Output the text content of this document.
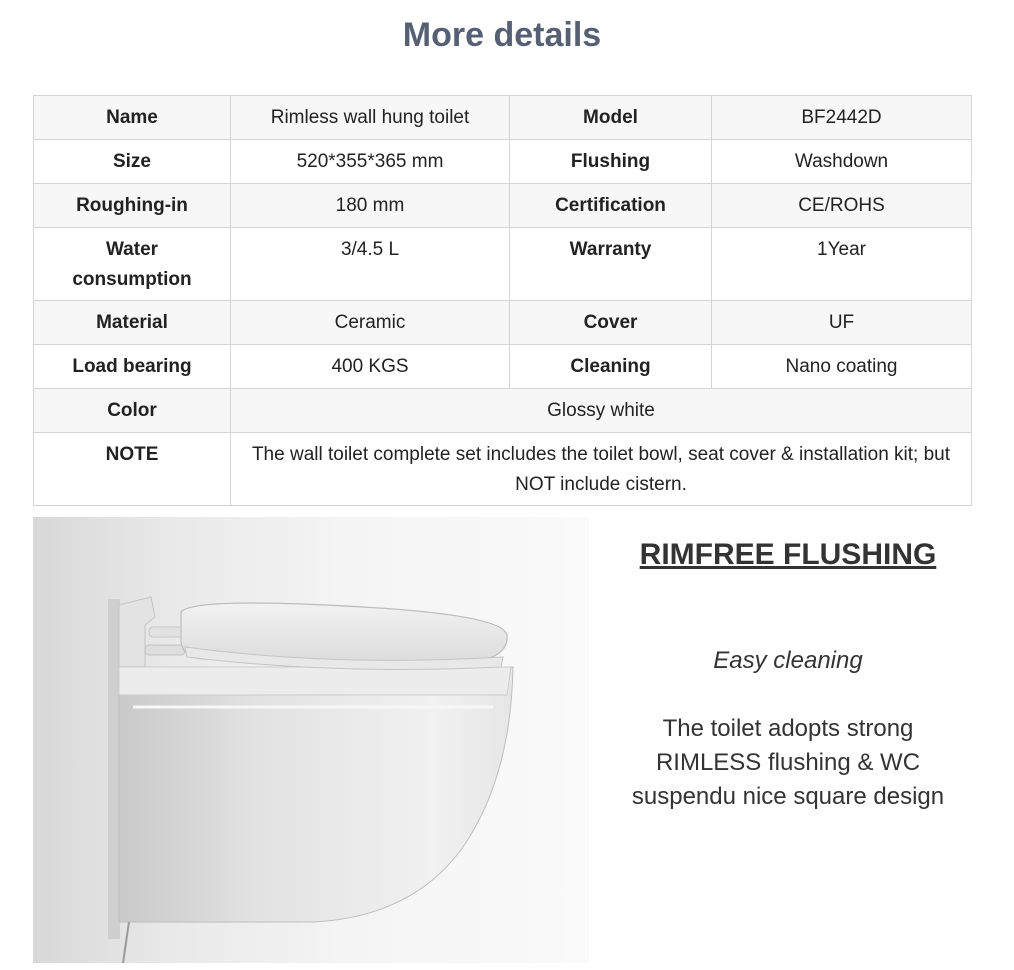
More details
Name	Rimless wall hung toilet	Model	BF2442D
Size	520*355*365 mm	Flushing	Washdown
Roughing-in	180 mm	Certification	CE/ROHS
Water consumption	3/4.5 L	Warranty	1Year
Material	Ceramic	Cover	UF
Load bearing	400 KGS	Cleaning	Nano coating
Color	Glossy white		
NOTE	The wall toilet complete set includes the toilet bowl, seat cover & installation kit; but NOT include cistern.		
RIMFREE FLUSHING
Easy cleaning
The toilet adopts strong RIMLESS flushing & WC suspendu nice square design
